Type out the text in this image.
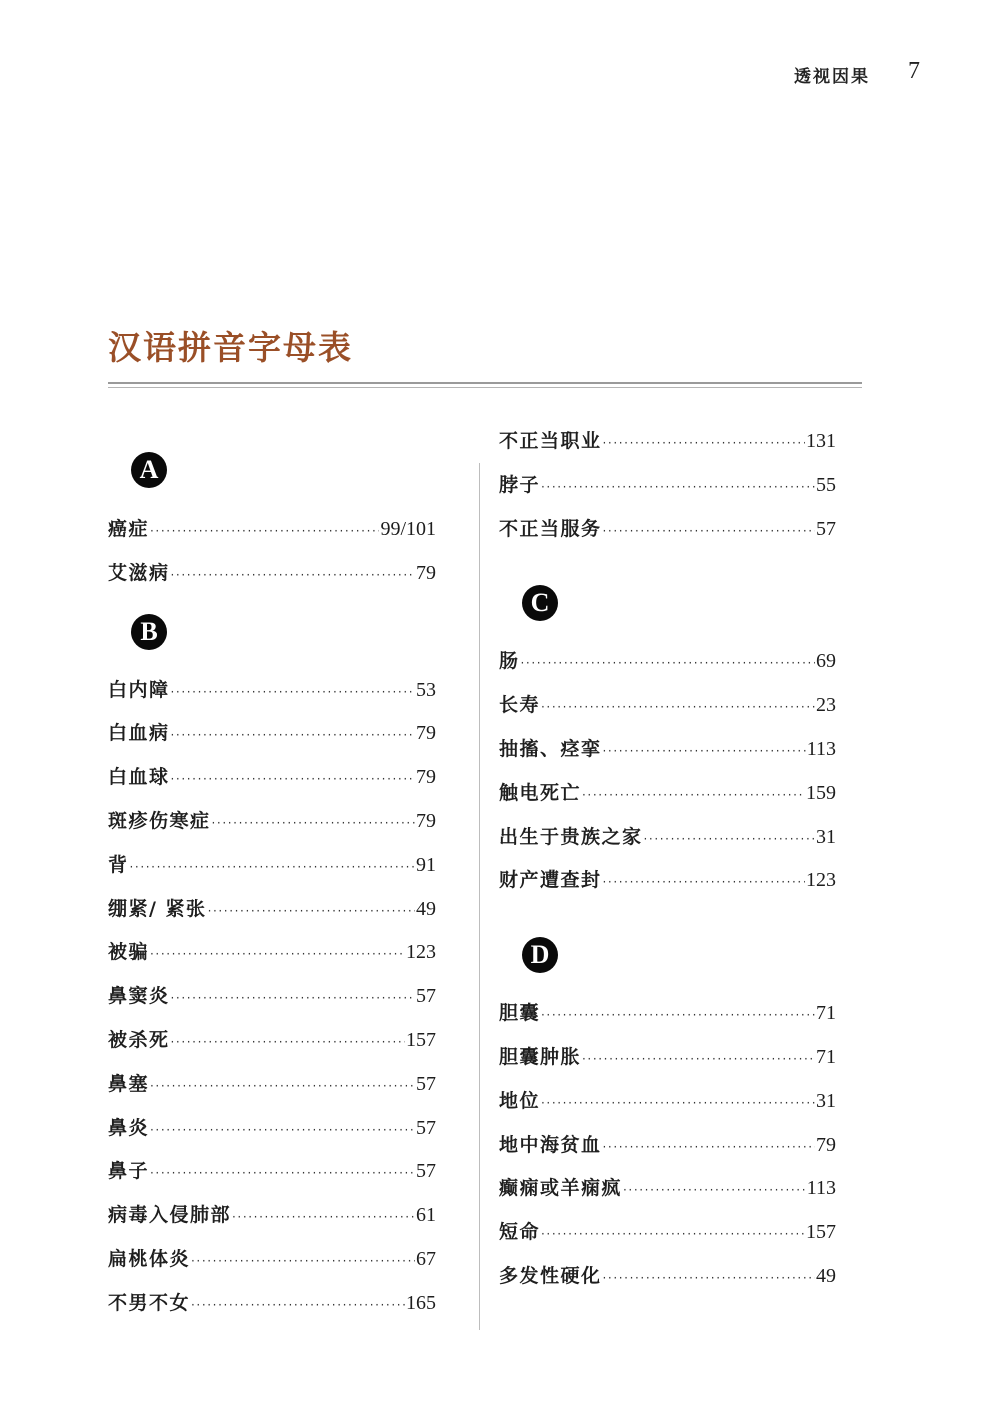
透视因果 7
汉语拼音字母表
A
癌症 ·····	99/101
艾滋病 ·····	79
B
白内障 ·····	53
白血病 ·····	79
白血球 ·····	79
斑疹伤寒症 ·····	79
背 ·····	91
绷紧/ 紧张 ·····	49
被骗 ·····	123
鼻窦炎 ·····	57
被杀死 ·····	157
鼻塞 ·····	57
鼻炎 ·····	57
鼻子 ·····	57
病毒入侵肺部 ·····	61
扁桃体炎 ·····	67
不男不女 ·····	165
不正当职业 ·····	131
脖子 ·····	55
不正当服务 ·····	57
C
肠 ·····	69
长寿 ·····	23
抽搐、痉挛 ·····	113
触电死亡 ·····	159
出生于贵族之家 ·····	31
财产遭查封 ·····	123
D
胆囊 ·····	71
胆囊肿胀 ·····	71
地位 ·····	31
地中海贫血 ·····	79
癫痫或羊痫疯 ·····	113
短命 ·····	157
多发性硬化 ·····	49
